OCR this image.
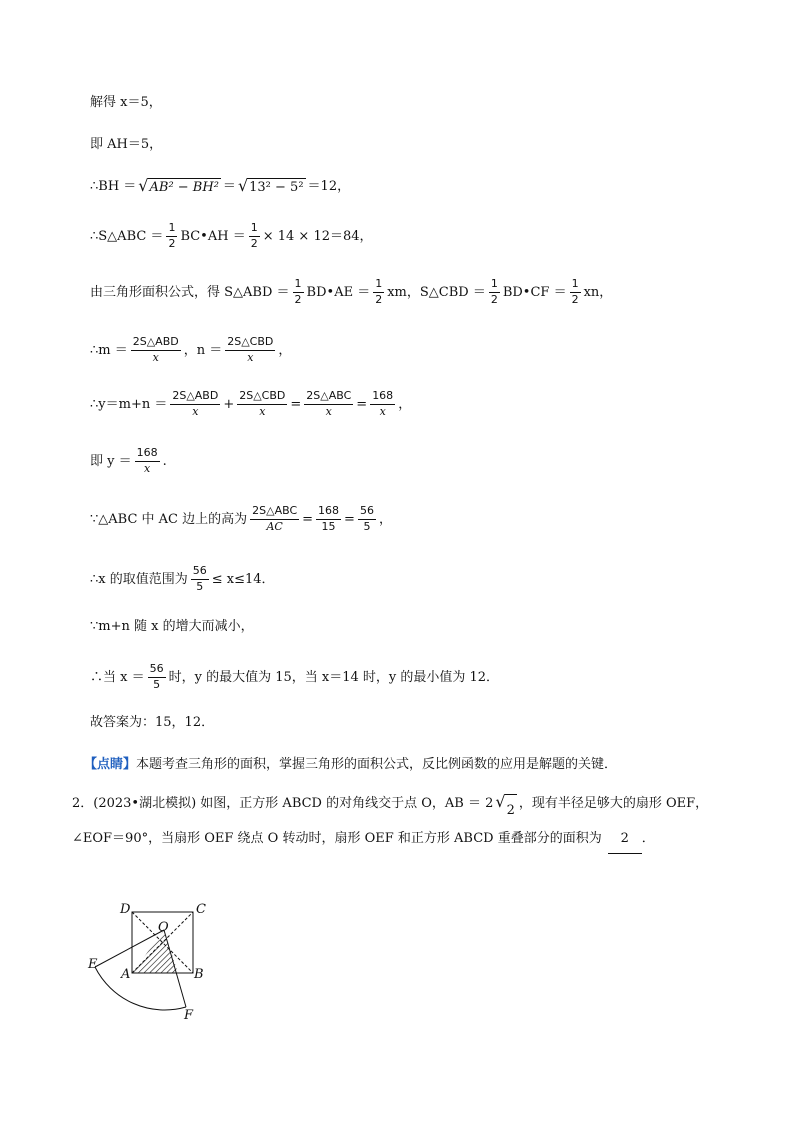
解得 x＝5，
即 AH＝5，
∴BH ＝ √ AB² − BH² ＝ √ 13² − 5² ＝12，
∴S△ABC ＝ $\frac{1}{2}$ BC•AH ＝ $\frac{1}{2} \times 14 \times 12=84$，
由三角形面积公式，得 S△ABD ＝ $\frac{1}{2}$ BD•AE ＝ $\frac{1}{2}$ xm，S△CBD ＝ $\frac{1}{2}$ BD•CF ＝ $\frac{1}{2}$ xn，
∴m ＝ $\frac{\text{2S△ABD}}{x}$ ，$n = \frac{\text{2S△CBD}}{x}$ ，
∴y＝m+n ＝ $\frac{\text{2S△ABD}}{x} + \frac{\text{2S△CBD}}{x} = \frac{\text{2S△ABC}}{x} = \frac{168}{x}$ ，
即 $y = \frac{168}{x}$ .
∵△ABC 中 AC 边上的高为 $\frac{\text{2S△ABC}}{AC} = \frac{168}{15} = \frac{56}{5}$ ，
∴x 的取值范围为 $\frac{56}{5} \le x\le 14$．
∵m+n 随 x 的增大而减小，
∴当 $x = \frac{56}{5}$ 时，y 的最大值为 15，当 x＝14 时，y 的最小值为 12．
故答案为：15，12．
【点睛】 本题考查三角形的面积，掌握三角形的面积公式，反比例函数的应用是解题的关键．
2．(2023•湖北模拟) 如图，正方形 ABCD 的对角线交于点 O，AB ＝ 2 √ 2 ，现有半径足够大的扇形 OEF，∠EOF＝90°，当扇形 OEF 绕点 O 转动时，扇形 OEF 和正方形 ABCD 重叠部分的面积为 2 ．
D	C
O
E
A	B
F
